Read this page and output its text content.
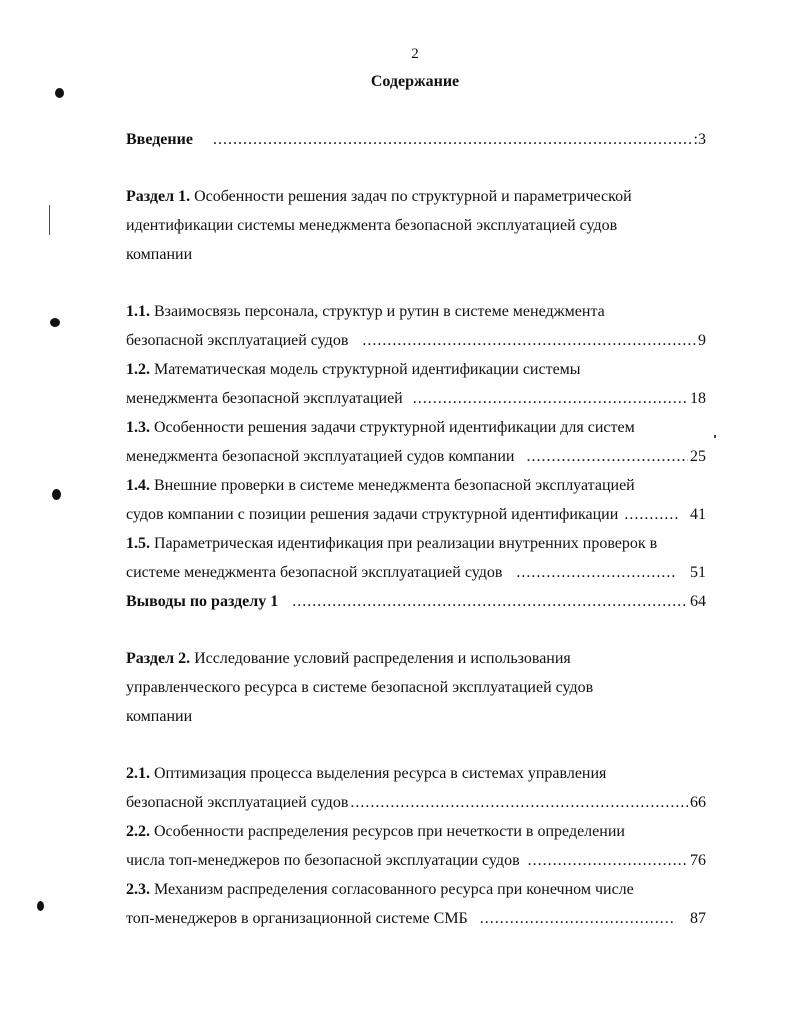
2
Содержание
Введение .....	:3
Раздел 1. Особенности решения задач по структурной и параметрической
идентификации системы менеджмента безопасной эксплуатацией судов
компании
1.1. Взаимосвязь персонала, структур и рутин в системе менеджмента
безопасной эксплуатацией судов .....	9
1.2. Математическая модель структурной идентификации системы
менеджмента безопасной эксплуатацией .....	18
1.3. Особенности решения задачи структурной идентификации для систем
менеджмента безопасной эксплуатацией судов компании .....	25
1.4. Внешние проверки в системе менеджмента безопасной эксплуатацией
судов компании с позиции решения задачи структурной идентификации .....	41
1.5. Параметрическая идентификация при реализации внутренних проверок в
системе менеджмента безопасной эксплуатацией судов .....	51
Выводы по разделу 1 .....	64
Раздел 2. Исследование условий распределения и использования
управленческого ресурса в системе безопасной эксплуатацией судов
компании
2.1. Оптимизация процесса выделения ресурса в системах управления
безопасной эксплуатацией судов .....	66
2.2. Особенности распределения ресурсов при нечеткости в определении
числа топ-менеджеров по безопасной эксплуатации судов .....	76
2.3. Механизм распределения согласованного ресурса при конечном числе
топ-менеджеров в организационной системе СМБ .....	87
